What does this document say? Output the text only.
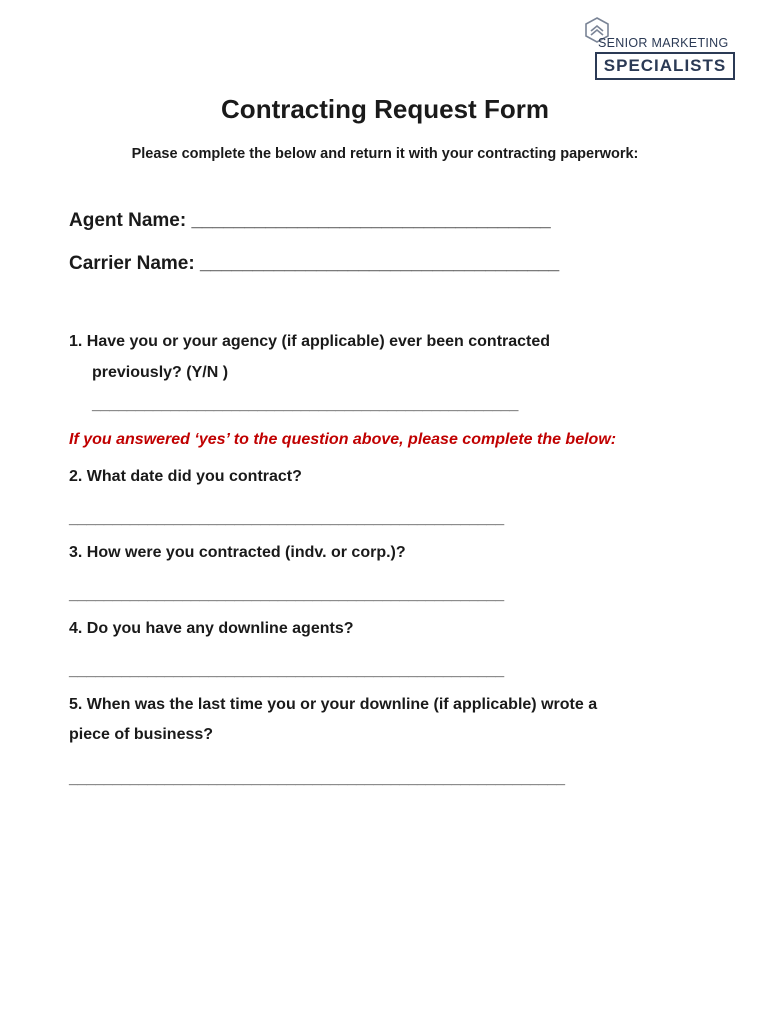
SENIOR MARKETING
SPECIALISTS
Contracting Request Form
Please complete the below and return it with your contracting paperwork:
Agent Name: __________________________________
Carrier Name: __________________________________
1. Have you or your agency (if applicable) ever been contracted
previously? (Y/N )
_________________________________________________
If you answered ‘yes’ to the question above, please complete the below:
2. What date did you contract?
__________________________________________________
3. How were you contracted (indv. or corp.)?
__________________________________________________
4. Do you have any downline agents?
__________________________________________________
5. When was the last time you or your downline (if applicable) wrote a
piece of business?
_________________________________________________________
